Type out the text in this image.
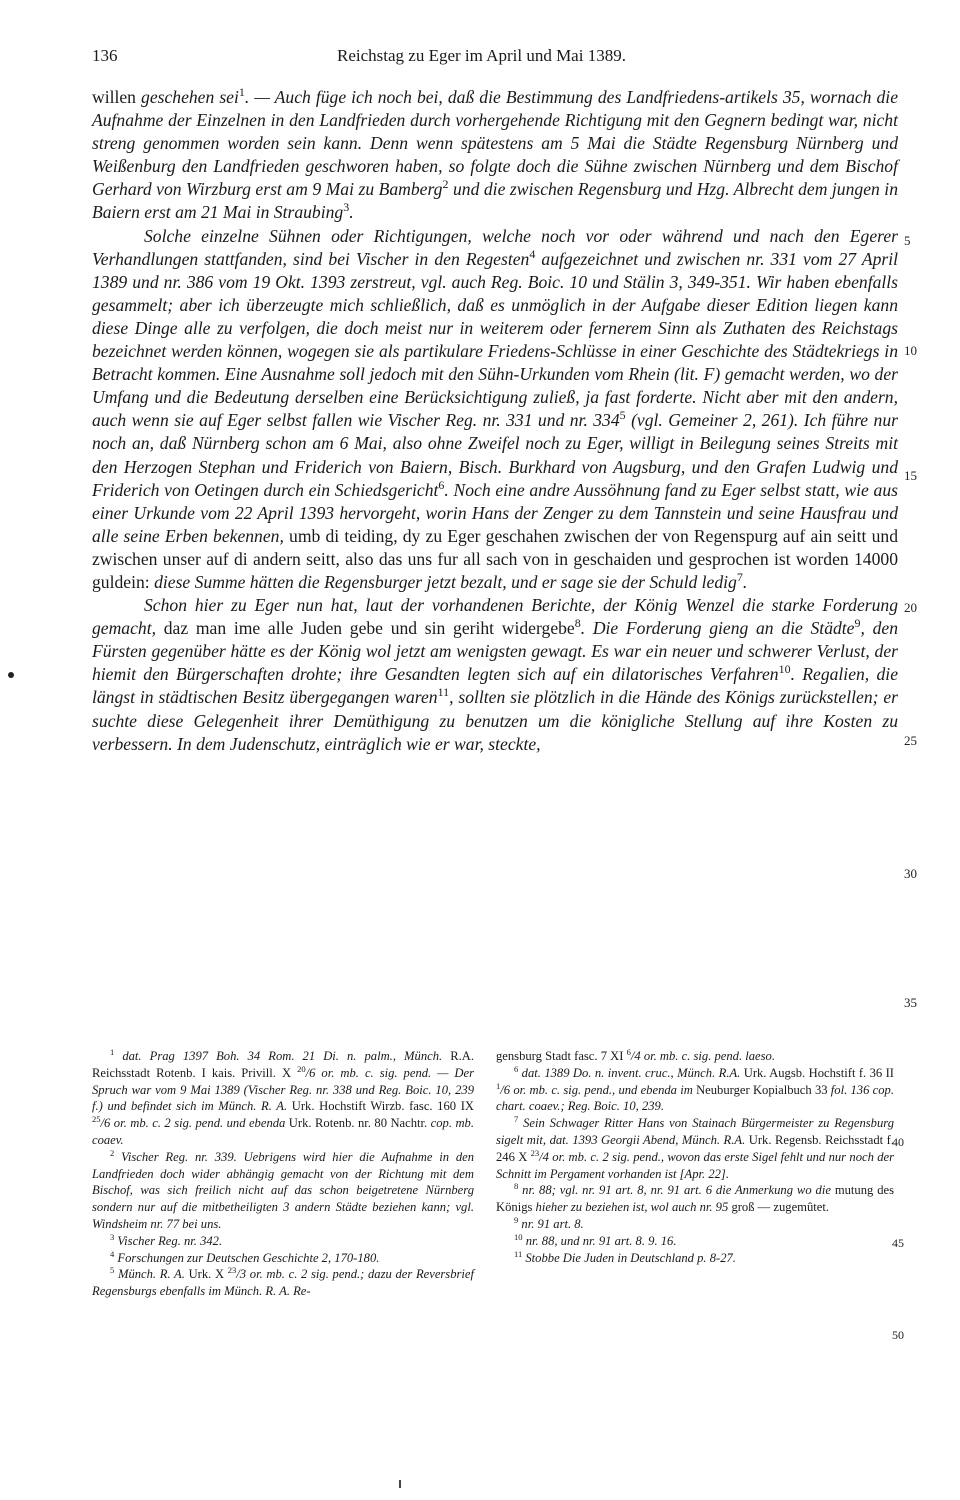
136	Reichstag zu Eger im April und Mai 1389.

willen geschehen sei$^1$. — Auch füge ich noch bei, daß die Bestimmung des Landfriedens-artikels 35, wornach die Aufnahme der Einzelnen in den Landfrieden durch vorhergehende Richtigung mit den Gegnern bedingt war, nicht streng genommen worden sein kann. Denn wenn spätestens am 5 Mai die Städte Regensburg Nürnberg und Weißenburg den Landfrieden geschworen haben, so folgte doch die Sühne zwischen Nürnberg und dem Bischof Gerhard von Wirzburg erst am 9 Mai zu Bamberg$^2$ und die zwischen Regensburg und Hzg. Albrecht dem jungen in Baiern erst am 21 Mai in Straubing$^3$.

Solche einzelne Sühnen oder Richtigungen, welche noch vor oder während und nach den Egerer Verhandlungen stattfanden, sind bei Vischer in den Regesten$^4$ aufgezeichnet und zwischen nr. 331 vom 27 April 1389 und nr. 386 vom 19 Okt. 1393 zerstreut, vgl. auch Reg. Boic. 10 und Stälin 3, 349-351. Wir haben ebenfalls gesammelt; aber ich überzeugte mich schließlich, daß es unmöglich in der Aufgabe dieser Edition liegen kann diese Dinge alle zu verfolgen, die doch meist nur in weiterem oder fernerem Sinn als Zuthaten des Reichstags bezeichnet werden können, wogegen sie als partikulare Friedens-Schlüsse in einer Geschichte des Städtekriegs in Betracht kommen. Eine Ausnahme soll jedoch mit den Sühn-Urkunden vom Rhein (lit. F) gemacht werden, wo der Umfang und die Bedeutung derselben eine Berücksichtigung zuließ, ja fast forderte. Nicht aber mit den andern, auch wenn sie auf Eger selbst fallen wie Vischer Reg. nr. 331 und nr. $334^5$ (vgl. Gemeiner 2, 261). Ich führe nur noch an, daß Nürnberg schon am 6 Mai, also ohne Zweifel noch zu Eger, willigt in Beilegung seines Streits mit den Herzogen Stephan und Friderich von Baiern, Bisch. Burkhard von Augsburg, und den Grafen Ludwig und Friderich von Oetingen durch ein Schiedsgericht$^6$. Noch eine andre Aussöhnung fand zu Eger selbst statt, wie aus einer Urkunde vom 22 April 1393 hervorgeht, worin Hans der Zenger zu dem Tannstein und seine Hausfrau und alle seine Erben bekennen, umb di teiding, dy zu Eger geschahen zwischen der von Regenspurg auf ain seitt und zwischen unser auf di andern seitt, also das uns fur all sach von in geschaiden und gesprochen ist worden 14000 guldein: diese Summe hätten die Regensburger jetzt bezalt, und er sage sie der Schuld ledig$^7$.

Schon hier zu Eger nun hat, laut der vorhandenen Berichte, der König Wenzel die starke Forderung gemacht, daz man ime alle Juden gebe und sin geriht widergebe$^8$. Die Forderung gieng an die Städte$^9$, den Fürsten gegenüber hätte es der König wol jetzt am wenigsten gewagt. Es war ein neuer und schwerer Verlust, der hiemit den Bürgerschaften drohte; ihre Gesandten legten sich auf ein dilatorisches Verfahren$^{10}$. Regalien, die längst in städtischen Besitz übergegangen waren$^{11}$, sollten sie plötzlich in die Hände des Königs zurückstellen; er suchte diese Gelegenheit ihrer Demüthigung zu benutzen um die königliche Stellung auf ihre Kosten zu verbessern. In dem Judenschutz, einträglich wie er war, steckte,

5
10
15
20
25
30
35

$^1$ dat. Prag 1397 Boh. 34 Rom. 21 Di. n. palm., Münch. R.A. Reichsstadt Rotenb. I kais. Privill. X $^{20}$/6 or. mb. c. sig. pend. — Der Spruch war vom 9 Mai 1389 (Vischer Reg. nr. 338 und Reg. Boic. 10, 239 f.) und befindet sich im Münch. R. A. Urk. Hochstift Wirzb. fasc. 160 IX $^{25}$/6 or. mb. c. 2 sig. pend. und ebenda Urk. Rotenb. nr. 80 Nachtr. cop. mb. coaev.

$^2$ Vischer Reg. nr. 339. Uebrigens wird hier die Aufnahme in den Landfrieden doch wider abhängig gemacht von der Richtung mit dem Bischof, was sich freilich nicht auf das schon beigetretene Nürnberg sondern nur auf die mitbetheiligten 3 andern Städte beziehen kann; vgl. Windsheim nr. 77 bei uns.

$^3$ Vischer Reg. nr. 342.

$^4$ Forschungen zur Deutschen Geschichte 2, 170-180.

$^5$ Münch. R. A. Urk. X $^{23}$/3 or. mb. c. 2 sig. pend.; dazu der Reversbrief Regensburgs ebenfalls im Münch. R. A. Re-

gensburg Stadt fasc. 7 XI $^6$/4 or. mb. c. sig. pend. laeso.

$^6$ dat. 1389 Do. n. invent. cruc., Münch. R.A. Urk. Augsb. Hochstift f. 36 II $^1$/6 or. mb. c. sig. pend., und ebenda im Neuburger Kopialbuch 33 fol. 136 cop. chart. coaev.; Reg. Boic. 10, 239.

$^7$ Sein Schwager Ritter Hans von Stainach Bürgermeister zu Regensburg sigelt mit, dat. 1393 Georgii Abend, Münch. R.A. Urk. Regensb. Reichsstadt f. 246 X $^{23}$/4 or. mb. c. 2 sig. pend., wovon das erste Sigel fehlt und nur noch der Schnitt im Pergament vorhanden ist [Apr. 22].

$^8$ nr. 88; vgl. nr. 91 art. 8, nr. 91 art. 6 die Anmerkung wo die mutung des Königs hieher zu beziehen ist, wol auch nr. 95 groß — zugemûtet.

$^9$ nr. 91 art. 8.

$^{10}$ nr. 88, und nr. 91 art. 8. 9. 16.

$^{11}$ Stobbe Die Juden in Deutschland p. 8-27.

40
45
50
